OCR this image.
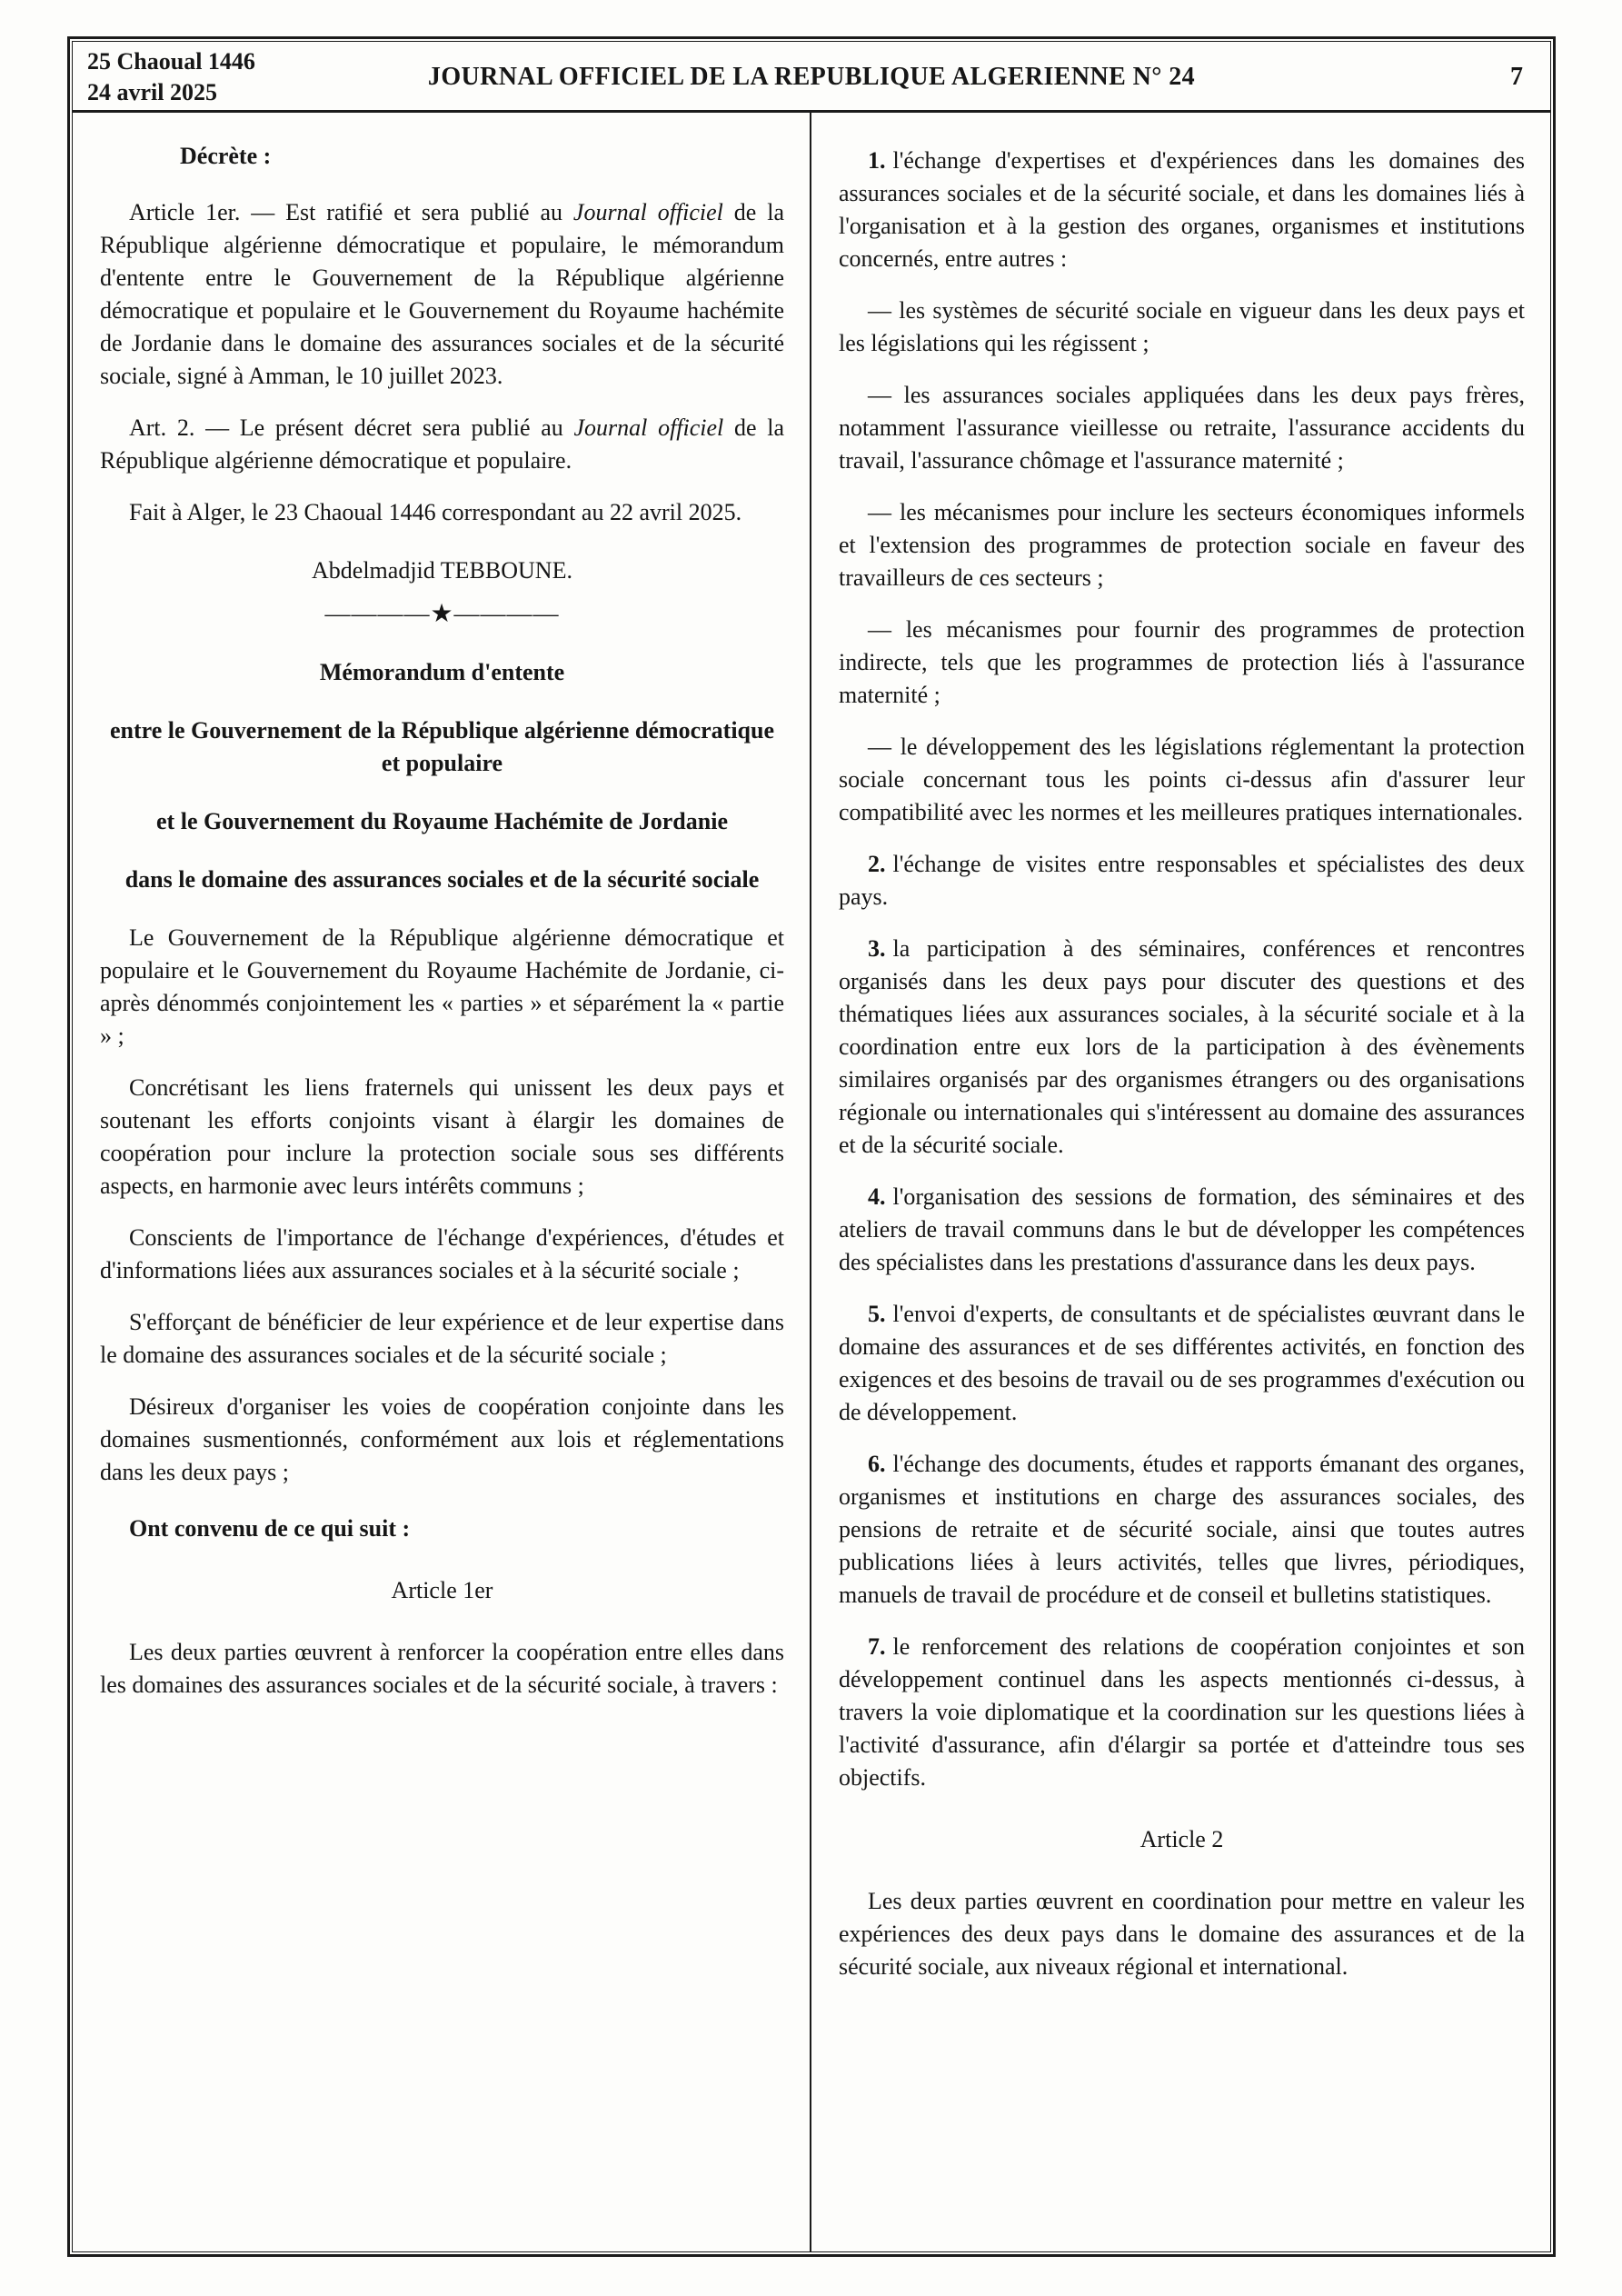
25 Chaoual 1446
24 avril 2025
JOURNAL OFFICIEL DE LA REPUBLIQUE ALGERIENNE N° 24	7

Décrète :

Article 1er. — Est ratifié et sera publié au Journal officiel de la République algérienne démocratique et populaire, le mémorandum d'entente entre le Gouvernement de la République algérienne démocratique et populaire et le Gouvernement du Royaume hachémite de Jordanie dans le domaine des assurances sociales et de la sécurité sociale, signé à Amman, le 10 juillet 2023.

Art. 2. — Le présent décret sera publié au Journal officiel de la République algérienne démocratique et populaire.

Fait à Alger, le 23 Chaoual 1446 correspondant au 22 avril 2025.

Abdelmadjid TEBBOUNE.

————★————

Mémorandum d'entente

entre le Gouvernement de la République algérienne démocratique et populaire

et le Gouvernement du Royaume Hachémite de Jordanie

dans le domaine des assurances sociales et de la sécurité sociale

Le Gouvernement de la République algérienne démocratique et populaire et le Gouvernement du Royaume Hachémite de Jordanie, ci-après dénommés conjointement les « parties » et séparément la « partie » ;

Concrétisant les liens fraternels qui unissent les deux pays et soutenant les efforts conjoints visant à élargir les domaines de coopération pour inclure la protection sociale sous ses différents aspects, en harmonie avec leurs intérêts communs ;

Conscients de l'importance de l'échange d'expériences, d'études et d'informations liées aux assurances sociales et à la sécurité sociale ;

S'efforçant de bénéficier de leur expérience et de leur expertise dans le domaine des assurances sociales et de la sécurité sociale ;

Désireux d'organiser les voies de coopération conjointe dans les domaines susmentionnés, conformément aux lois et réglementations dans les deux pays ;

Ont convenu de ce qui suit :

Article 1er

Les deux parties œuvrent à renforcer la coopération entre elles dans les domaines des assurances sociales et de la sécurité sociale, à travers :

1. l'échange d'expertises et d'expériences dans les domaines des assurances sociales et de la sécurité sociale, et dans les domaines liés à l'organisation et à la gestion des organes, organismes et institutions concernés, entre autres :

— les systèmes de sécurité sociale en vigueur dans les deux pays et les législations qui les régissent ;

— les assurances sociales appliquées dans les deux pays frères, notamment l'assurance vieillesse ou retraite, l'assurance accidents du travail, l'assurance chômage et l'assurance maternité ;

— les mécanismes pour inclure les secteurs économiques informels et l'extension des programmes de protection sociale en faveur des travailleurs de ces secteurs ;

— les mécanismes pour fournir des programmes de protection indirecte, tels que les programmes de protection liés à l'assurance maternité ;

— le développement des les législations réglementant la protection sociale concernant tous les points ci-dessus afin d'assurer leur compatibilité avec les normes et les meilleures pratiques internationales.

2. l'échange de visites entre responsables et spécialistes des deux pays.

3. la participation à des séminaires, conférences et rencontres organisés dans les deux pays pour discuter des questions et des thématiques liées aux assurances sociales, à la sécurité sociale et à la coordination entre eux lors de la participation à des évènements similaires organisés par des organismes étrangers ou des organisations régionale ou internationales qui s'intéressent au domaine des assurances et de la sécurité sociale.

4. l'organisation des sessions de formation, des séminaires et des ateliers de travail communs dans le but de développer les compétences des spécialistes dans les prestations d'assurance dans les deux pays.

5. l'envoi d'experts, de consultants et de spécialistes œuvrant dans le domaine des assurances et de ses différentes activités, en fonction des exigences et des besoins de travail ou de ses programmes d'exécution ou de développement.

6. l'échange des documents, études et rapports émanant des organes, organismes et institutions en charge des assurances sociales, des pensions de retraite et de sécurité sociale, ainsi que toutes autres publications liées à leurs activités, telles que livres, périodiques, manuels de travail de procédure et de conseil et bulletins statistiques.

7. le renforcement des relations de coopération conjointes et son développement continuel dans les aspects mentionnés ci-dessus, à travers la voie diplomatique et la coordination sur les questions liées à l'activité d'assurance, afin d'élargir sa portée et d'atteindre tous ses objectifs.

Article 2

Les deux parties œuvrent en coordination pour mettre en valeur les expériences des deux pays dans le domaine des assurances et de la sécurité sociale, aux niveaux régional et international.
